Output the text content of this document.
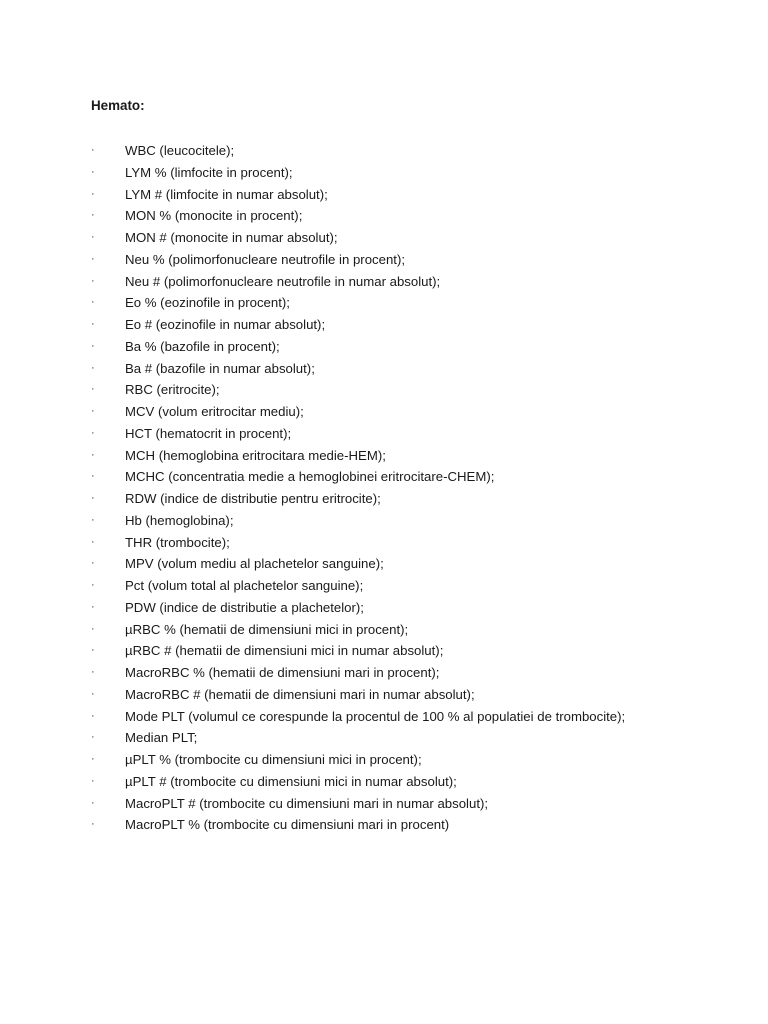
Hemato:
· WBC (leucocitele);
· LYM % (limfocite in procent);
· LYM # (limfocite in numar absolut);
· MON % (monocite in procent);
· MON # (monocite in numar absolut);
· Neu % (polimorfonucleare neutrofile in procent);
· Neu # (polimorfonucleare neutrofile in numar absolut);
· Eo % (eozinofile in procent);
· Eo # (eozinofile in numar absolut);
· Ba % (bazofile in procent);
· Ba # (bazofile in numar absolut);
· RBC (eritrocite);
· MCV (volum eritrocitar mediu);
· HCT (hematocrit in procent);
· MCH (hemoglobina eritrocitara medie-HEM);
· MCHC (concentratia medie a hemoglobinei eritrocitare-CHEM);
· RDW (indice de distributie pentru eritrocite);
· Hb (hemoglobina);
· THR (trombocite);
· MPV (volum mediu al plachetelor sanguine);
· Pct (volum total al plachetelor sanguine);
· PDW (indice de distributie a plachetelor);
· µRBC % (hematii de dimensiuni mici in procent);
· µRBC # (hematii de dimensiuni mici in numar absolut);
· MacroRBC % (hematii de dimensiuni mari in procent);
· MacroRBC # (hematii de dimensiuni mari in numar absolut);
· Mode PLT (volumul ce corespunde la procentul de 100 % al populatiei de trombocite);
· Median PLT;
· µPLT % (trombocite cu dimensiuni mici in procent);
· µPLT # (trombocite cu dimensiuni mici in numar absolut);
· MacroPLT # (trombocite cu dimensiuni mari in numar absolut);
· MacroPLT % (trombocite cu dimensiuni mari in procent)
